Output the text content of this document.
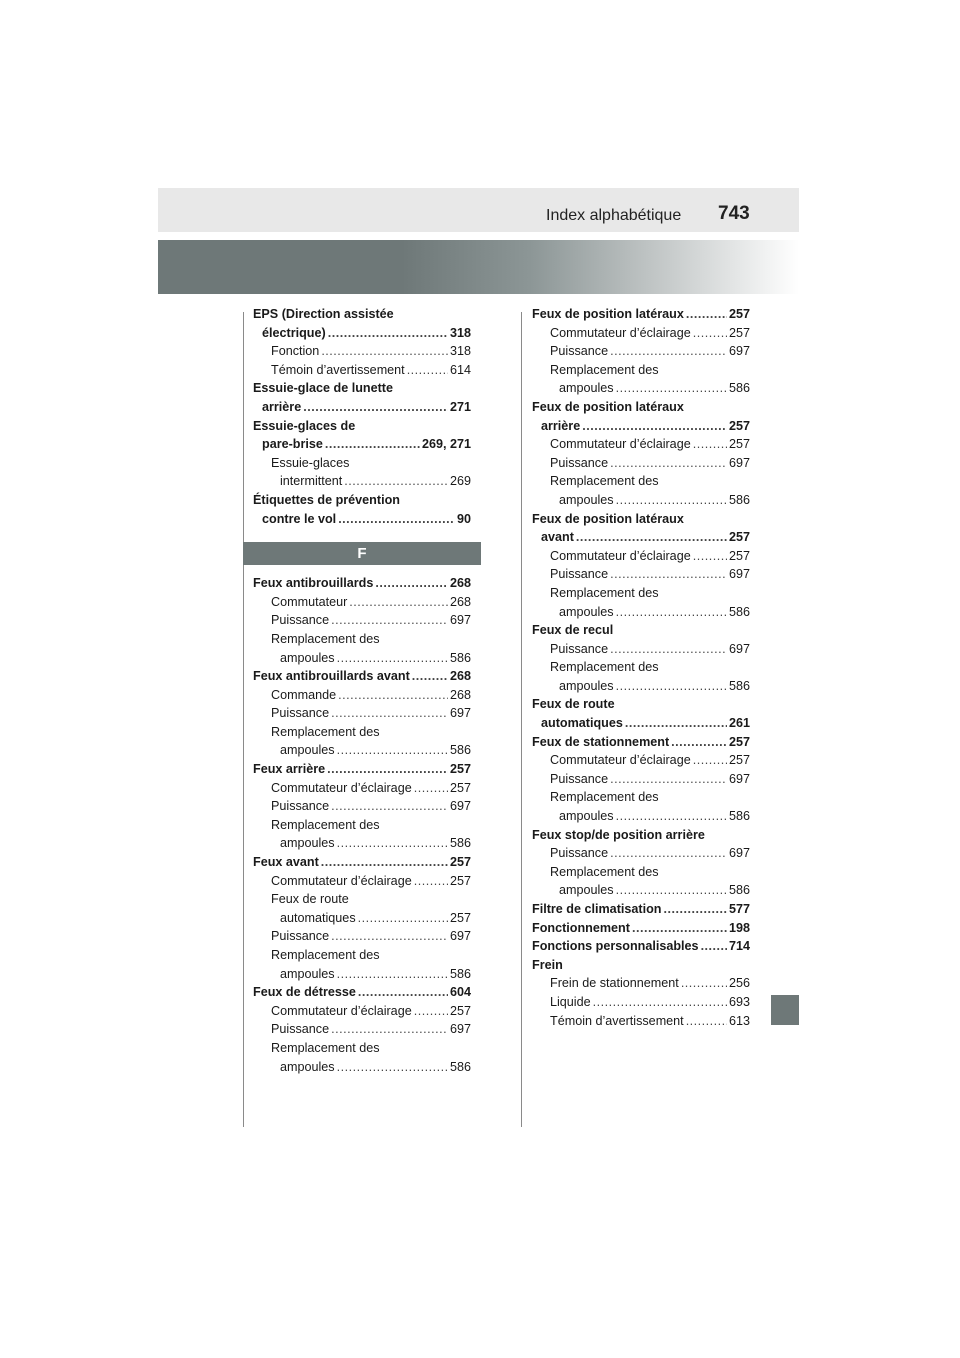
Index alphabétique 743
EPS (Direction assistée
électrique) .....	318
Fonction .....	318
Témoin d’avertissement .....	614
Essuie-glace de lunette
arrière .....	271
Essuie-glaces de
pare-brise .....	269, 271
Essuie-glaces
intermittent .....	269
Étiquettes de prévention
contre le vol .....	90
F
Feux antibrouillards .....	268
Commutateur .....	268
Puissance .....	697
Remplacement des
ampoules .....	586
Feux antibrouillards avant .....	268
Commande .....	268
Puissance .....	697
Remplacement des
ampoules .....	586
Feux arrière .....	257
Commutateur d’éclairage .....	257
Puissance .....	697
Remplacement des
ampoules .....	586
Feux avant .....	257
Commutateur d’éclairage .....	257
Feux de route
automatiques .....	257
Puissance .....	697
Remplacement des
ampoules .....	586
Feux de détresse .....	604
Commutateur d’éclairage .....	257
Puissance .....	697
Remplacement des
ampoules .....	586
Feux de position latéraux .....	257
Commutateur d’éclairage .....	257
Puissance .....	697
Remplacement des
ampoules .....	586
Feux de position latéraux
arrière .....	257
Commutateur d’éclairage .....	257
Puissance .....	697
Remplacement des
ampoules .....	586
Feux de position latéraux
avant .....	257
Commutateur d’éclairage .....	257
Puissance .....	697
Remplacement des
ampoules .....	586
Feux de recul
Puissance .....	697
Remplacement des
ampoules .....	586
Feux de route
automatiques .....	261
Feux de stationnement .....	257
Commutateur d’éclairage .....	257
Puissance .....	697
Remplacement des
ampoules .....	586
Feux stop/de position arrière
Puissance .....	697
Remplacement des
ampoules .....	586
Filtre de climatisation .....	577
Fonctionnement .....	198
Fonctions personnalisables ..... 714
Frein
Frein de stationnement .....	256
Liquide .....	693
Témoin d’avertissement .....	613
